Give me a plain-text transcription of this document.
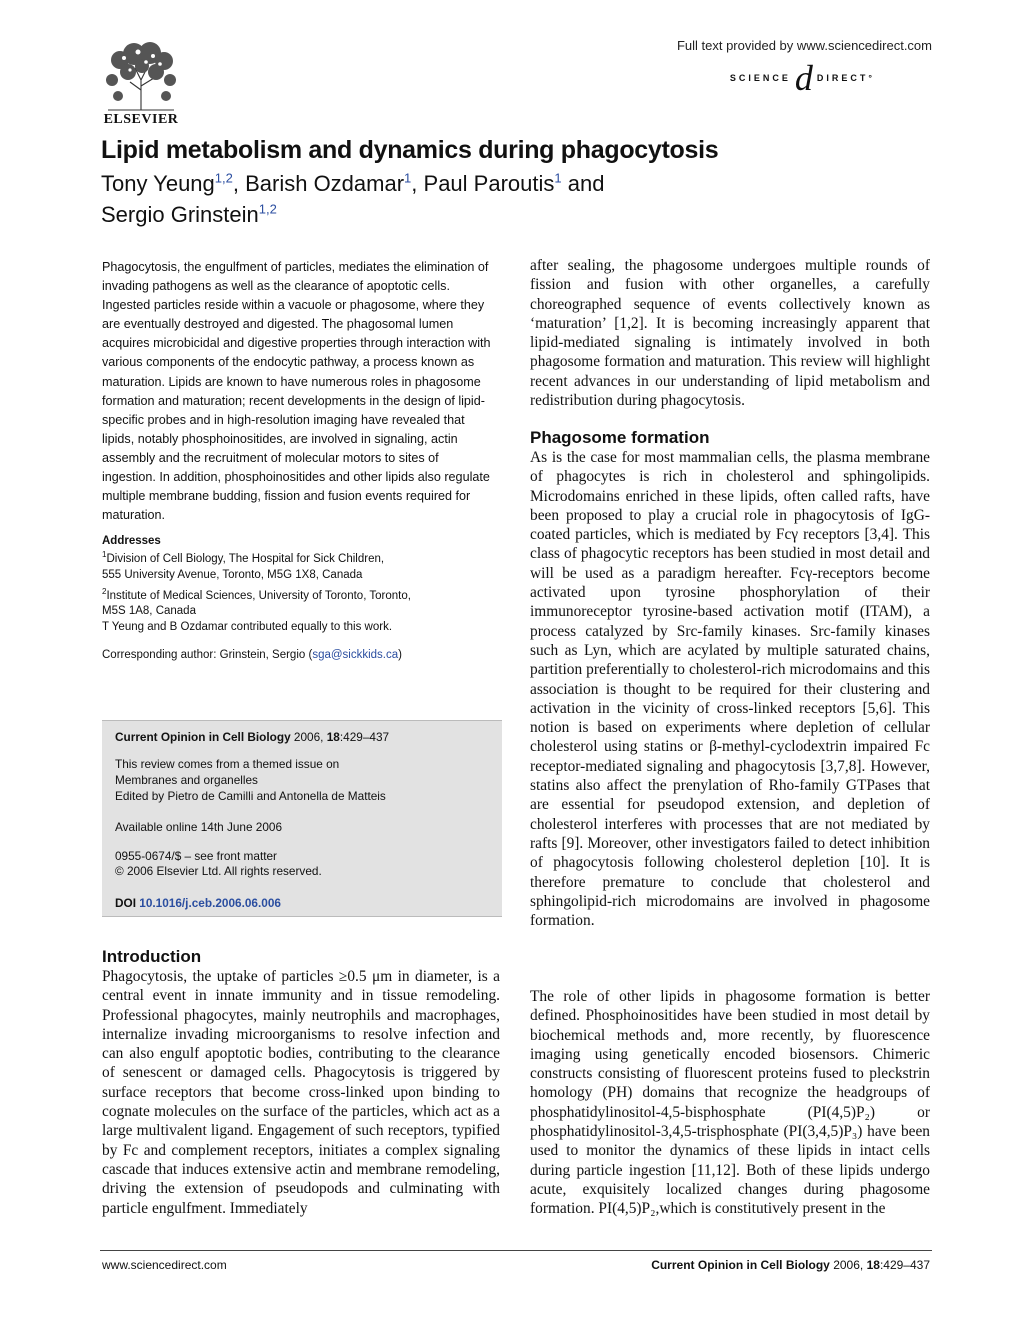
ELSEVIER
Full text provided by www.sciencedirect.com
SCIENCE d DIRECT°
Lipid metabolism and dynamics during phagocytosis
Tony Yeung$^{1,2}$, Barish Ozdamar$^1$, Paul Paroutis$^1$ and
Sergio Grinstein$^{1,2}$

Phagocytosis, the engulfment of particles, mediates the elimination of invading pathogens as well as the clearance of apoptotic cells. Ingested particles reside within a vacuole or phagosome, where they are eventually destroyed and digested. The phagosomal lumen acquires microbicidal and digestive properties through interaction with various components of the endocytic pathway, a process known as maturation. Lipids are known to have numerous roles in phagosome formation and maturation; recent developments in the design of lipid-specific probes and in high-resolution imaging have revealed that lipids, notably phosphoinositides, are involved in signaling, actin assembly and the recruitment of molecular motors to sites of ingestion. In addition, phosphoinositides and other lipids also regulate multiple membrane budding, fission and fusion events required for maturation.

Addresses
$^1$Division of Cell Biology, The Hospital for Sick Children,
555 University Avenue, Toronto, M5G 1X8, Canada
$^2$Institute of Medical Sciences, University of Toronto, Toronto,
M5S 1A8, Canada
T Yeung and B Ozdamar contributed equally to this work.
Corresponding author: Grinstein, Sergio (sga@sickkids.ca)
Current Opinion in Cell Biology 2006, 18:429–437
This review comes from a themed issue on
Membranes and organelles
Edited by Pietro de Camilli and Antonella de Matteis
Available online 14th June 2006
0955-0674/$ – see front matter
© 2006 Elsevier Ltd. All rights reserved.
DOI 10.1016/j.ceb.2006.06.006
Introduction

Phagocytosis, the uptake of particles ≥0.5 μm in diameter, is a central event in innate immunity and in tissue remodeling. Professional phagocytes, mainly neutrophils and macrophages, internalize invading microorganisms to resolve infection and can also engulf apoptotic bodies, contributing to the clearance of senescent or damaged cells. Phagocytosis is triggered by surface receptors that become cross-linked upon binding to cognate molecules on the surface of the particles, which act as a large multivalent ligand. Engagement of such receptors, typified by Fc and complement receptors, initiates a complex signaling cascade that induces extensive actin and membrane remodeling, driving the extension of pseudopods and culminating with particle engulfment. Immediately

after sealing, the phagosome undergoes multiple rounds of fission and fusion with other organelles, a carefully choreographed sequence of events collectively known as ‘maturation’ [1,2]. It is becoming increasingly apparent that lipid-mediated signaling is intimately involved in both phagosome formation and maturation. This review will highlight recent advances in our understanding of lipid metabolism and redistribution during phagocytosis.

Phagosome formation

As is the case for most mammalian cells, the plasma membrane of phagocytes is rich in cholesterol and sphingolipids. Microdomains enriched in these lipids, often called rafts, have been proposed to play a crucial role in phagocytosis of IgG-coated particles, which is mediated by Fcγ receptors [3,4]. This class of phagocytic receptors has been studied in most detail and will be used as a paradigm hereafter. Fcγ-receptors become activated upon tyrosine phosphorylation of their immunoreceptor tyrosine-based activation motif (ITAM), a process catalyzed by Src-family kinases. Src-family kinases such as Lyn, which are acylated by multiple saturated chains, partition preferentially to cholesterol-rich microdomains and this association is thought to be required for their clustering and activation in the vicinity of cross-linked receptors [5,6]. This notion is based on experiments where depletion of cellular cholesterol using statins or β-methyl-cyclodextrin impaired Fc receptor-mediated signaling and phagocytosis [3,7,8]. However, statins also affect the prenylation of Rho-family GTPases that are essential for pseudopod extension, and depletion of cholesterol interferes with processes that are not mediated by rafts [9]. Moreover, other investigators failed to detect inhibition of phagocytosis following cholesterol depletion [10]. It is therefore premature to conclude that cholesterol and sphingolipid-rich microdomains are involved in phagosome formation.

The role of other lipids in phagosome formation is better defined. Phosphoinositides have been studied in most detail by biochemical methods and, more recently, by fluorescence imaging using genetically encoded biosensors. Chimeric constructs consisting of fluorescent proteins fused to pleckstrin homology (PH) domains that recognize the headgroups of phosphatidylinositol-4,5-bisphosphate (PI(4,5)P₂) or phosphatidylinositol-3,4,5-trisphosphate (PI(3,4,5)P₃) have been used to monitor the dynamics of these lipids in intact cells during particle ingestion [11,12]. Both of these lipids undergo acute, exquisitely localized changes during phagosome formation. PI(4,5)P₂,which is constitutively present in the

www.sciencedirect.com	Current Opinion in Cell Biology 2006, 18:429–437
